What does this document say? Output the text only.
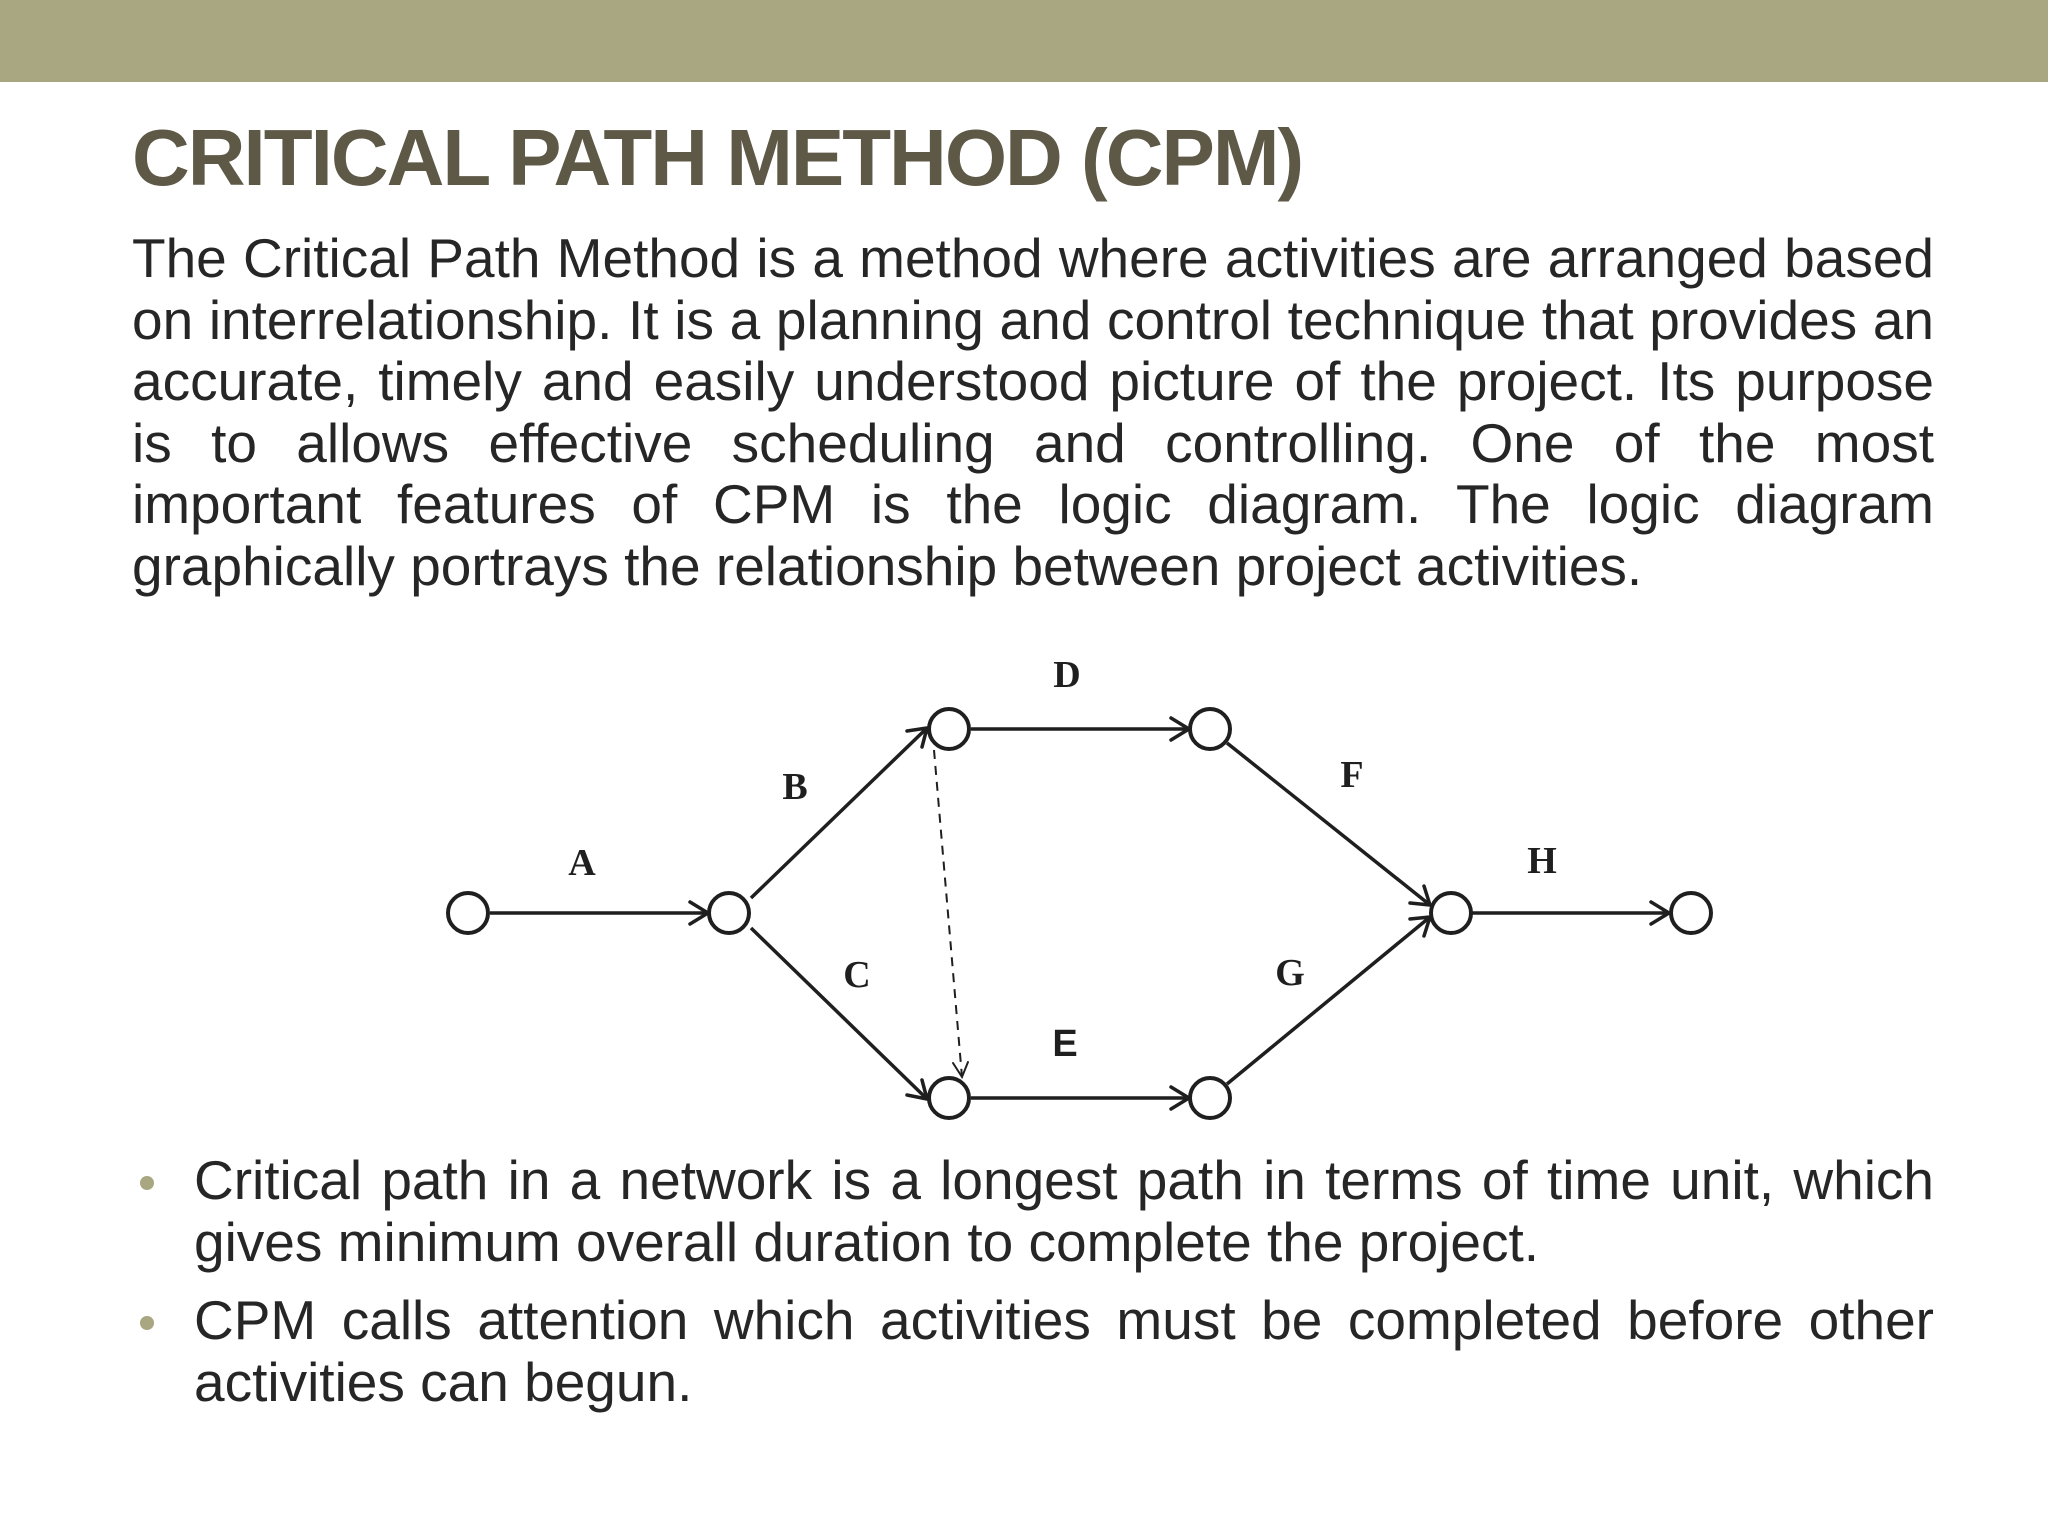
CRITICAL PATH METHOD (CPM)

The Critical Path Method is a method where activities are arranged based on interrelationship. It is a planning and control technique that provides an accurate, timely and easily understood picture of the project. Its purpose is to allows effective scheduling and controlling. One of the most important features of CPM is the logic diagram. The logic diagram graphically portrays the relationship between project activities.

A
B
C
D
E
F
G
H
Critical path in a network is a longest path in terms of time unit, which gives minimum overall duration to complete the project.
CPM calls attention which activities must be completed before other activities can begun.
